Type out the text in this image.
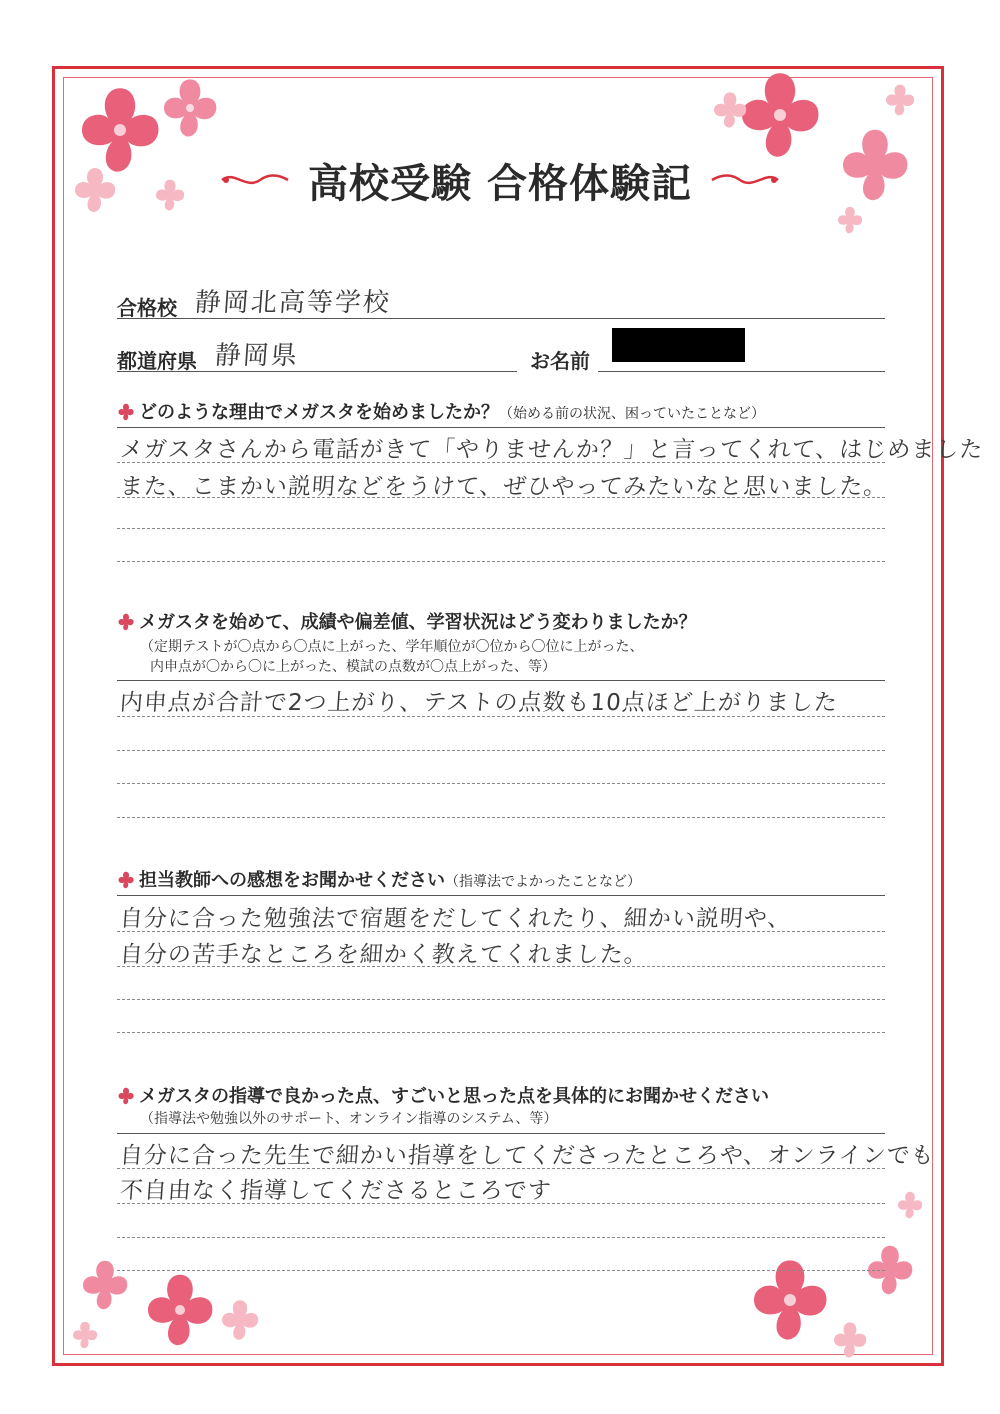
高校受験 合格体験記
合格校 静岡北高等学校
都道府県 静岡県	お名前
どのような理由でメガスタを始めましたか？（始める前の状況、困っていたことなど）
メガスタさんから電話がきて「やりませんか？」と言ってくれて、はじめました
また、こまかい説明などをうけて、ぜひやってみたいなと思いました。
メガスタを始めて、成績や偏差値、学習状況はどう変わりましたか？
（定期テストが〇点から〇点に上がった、学年順位が〇位から〇位に上がった、
内申点が〇から〇に上がった、模試の点数が〇点上がった、等）
内申点が合計で2つ上がり、テストの点数も10点ほど上がりました
担当教師への感想をお聞かせください（指導法でよかったことなど）
自分に合った勉強法で宿題をだしてくれたり、細かい説明や、
自分の苦手なところを細かく教えてくれました。
メガスタの指導で良かった点、すごいと思った点を具体的にお聞かせください
（指導法や勉強以外のサポート、オンライン指導のシステム、等）
自分に合った先生で細かい指導をしてくださったところや、オンラインでも
不自由なく指導してくださるところです
